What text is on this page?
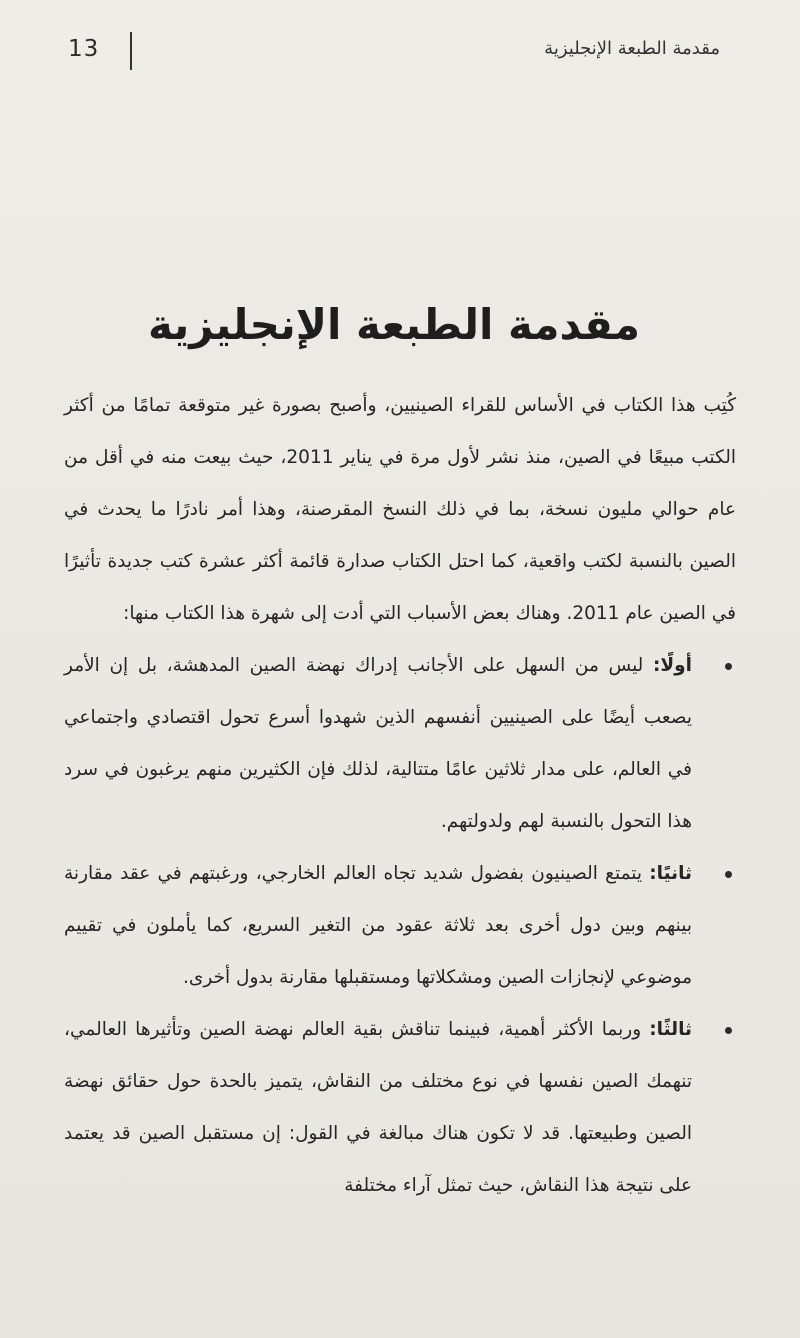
13	مقدمة الطبعة الإنجليزية
مقدمة الطبعة الإنجليزية

كُتِب هذا الكتاب في الأساس للقراء الصينيين، وأصبح بصورة غير متوقعة تمامًا من أكثر الكتب مبيعًا في الصين، منذ نشر لأول مرة في يناير 2011، حيث بيعت منه في أقل من عام حوالي مليون نسخة، بما في ذلك النسخ المقرصنة، وهذا أمر نادرًا ما يحدث في الصين بالنسبة لكتب واقعية، كما احتل الكتاب صدارة قائمة أكثر عشرة كتب جديدة تأثيرًا في الصين عام 2011. وهناك بعض الأسباب التي أدت إلى شهرة هذا الكتاب منها:

أولًا: ليس من السهل على الأجانب إدراك نهضة الصين المدهشة، بل إن الأمر يصعب أيضًا على الصينيين أنفسهم الذين شهدوا أسرع تحول اقتصادي واجتماعي في العالم، على مدار ثلاثين عامًا متتالية، لذلك فإن الكثيرين منهم يرغبون في سرد هذا التحول بالنسبة لهم ولدولتهم.
ثانيًا: يتمتع الصينيون بفضول شديد تجاه العالم الخارجي، ورغبتهم في عقد مقارنة بينهم وبين دول أخرى بعد ثلاثة عقود من التغير السريع، كما يأملون في تقييم موضوعي لإنجازات الصين ومشكلاتها ومستقبلها مقارنة بدول أخرى.
ثالثًا: وربما الأكثر أهمية، فبينما تناقش بقية العالم نهضة الصين وتأثيرها العالمي، تنهمك الصين نفسها في نوع مختلف من النقاش، يتميز بالحدة حول حقائق نهضة الصين وطبيعتها. قد لا تكون هناك مبالغة في القول: إن مستقبل الصين قد يعتمد على نتيجة هذا النقاش، حيث تمثل آراء مختلفة
